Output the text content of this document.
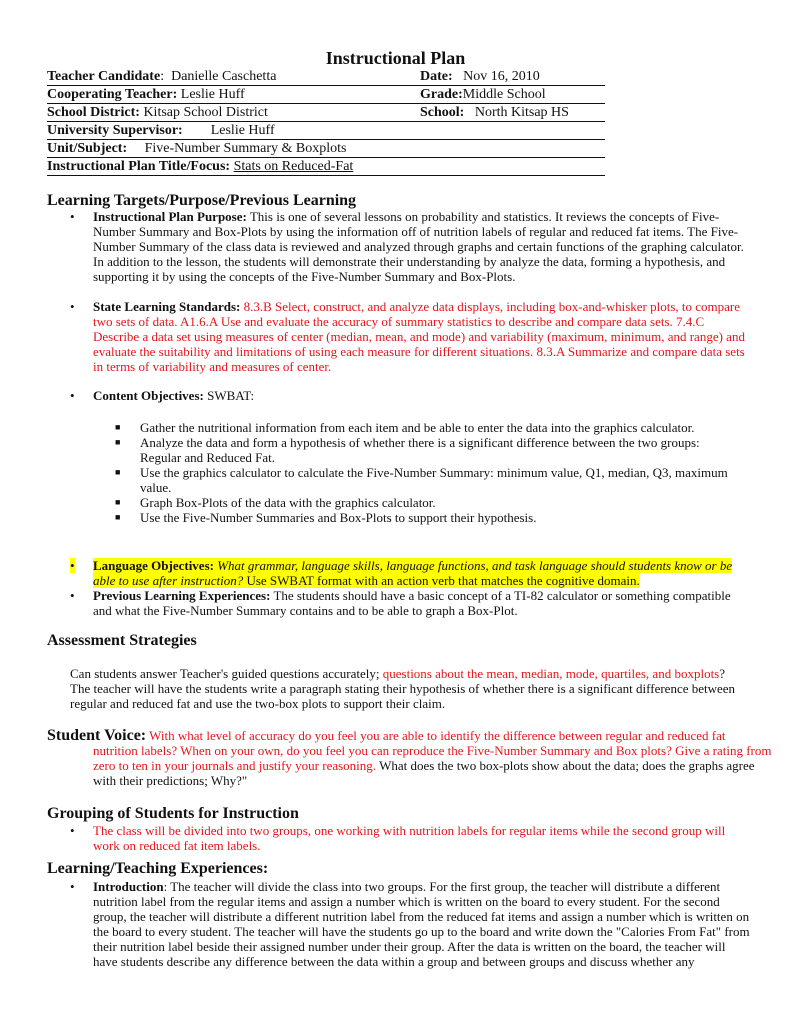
Instructional Plan
Teacher Candidate:  Danielle Caschetta	Date: Nov 16, 2010
Cooperating Teacher: Leslie Huff	Grade:Middle School
School District: Kitsap School District	School: North Kitsap HS
University Supervisor: Leslie Huff
Unit/Subject: Five-Number Summary & Boxplots
Instructional Plan Title/Focus: Stats on Reduced-Fat
Learning Targets/Purpose/Previous Learning
• Instructional Plan Purpose: This is one of several lessons on probability and statistics. It reviews the concepts of Five-Number Summary and Box-Plots by using the information off of nutrition labels of regular and reduced fat items. The Five-Number Summary of the class data is reviewed and analyzed through graphs and certain functions of the graphing calculator. In addition to the lesson, the students will demonstrate their understanding by analyze the data, forming a hypothesis, and supporting it by using the concepts of the Five-Number Summary and Box-Plots.
• State Learning Standards: 8.3.B Select, construct, and analyze data displays, including box-and-whisker plots, to compare two sets of data. A1.6.A Use and evaluate the accuracy of summary statistics to describe and compare data sets. 7.4.C Describe a data set using measures of center (median, mean, and mode) and variability (maximum, minimum, and range) and evaluate the suitability and limitations of using each measure for different situations. 8.3.A Summarize and compare data sets in terms of variability and measures of center.
• Content Objectives: SWBAT:
■ Gather the nutritional information from each item and be able to enter the data into the graphics calculator.
■ Analyze the data and form a hypothesis of whether there is a significant difference between the two groups: Regular and Reduced Fat.
■ Use the graphics calculator to calculate the Five-Number Summary: minimum value, Q1, median, Q3, maximum value.
■ Graph Box-Plots of the data with the graphics calculator.
■ Use the Five-Number Summaries and Box-Plots to support their hypothesis.
• Language Objectives: What grammar, language skills, language functions, and task language should students know or be able to use after instruction? Use SWBAT format with an action verb that matches the cognitive domain.
• Previous Learning Experiences: The students should have a basic concept of a TI-82 calculator or something compatible and what the Five-Number Summary contains and to be able to graph a Box-Plot.
Assessment Strategies
Can students answer Teacher's guided questions accurately; questions about the mean, median, mode, quartiles, and boxplots? The teacher will have the students write a paragraph stating their hypothesis of whether there is a significant difference between regular and reduced fat and use the two-box plots to support their claim.
Student Voice: With what level of accuracy do you feel you are able to identify the difference between regular and reduced fat nutrition labels? When on your own, do you feel you can reproduce the Five-Number Summary and Box plots? Give a rating from zero to ten in your journals and justify your reasoning. What does the two box-plots show about the data; does the graphs agree with their predictions; Why?"
Grouping of Students for Instruction
• The class will be divided into two groups, one working with nutrition labels for regular items while the second group will work on reduced fat item labels.
Learning/Teaching Experiences:
• Introduction: The teacher will divide the class into two groups. For the first group, the teacher will distribute a different nutrition label from the regular items and assign a number which is written on the board to every student. For the second group, the teacher will distribute a different nutrition label from the reduced fat items and assign a number which is written on the board to every student. The teacher will have the students go up to the board and write down the "Calories From Fat" from their nutrition label beside their assigned number under their group. After the data is written on the board, the teacher will have students describe any difference between the data within a group and between groups and discuss whether any
